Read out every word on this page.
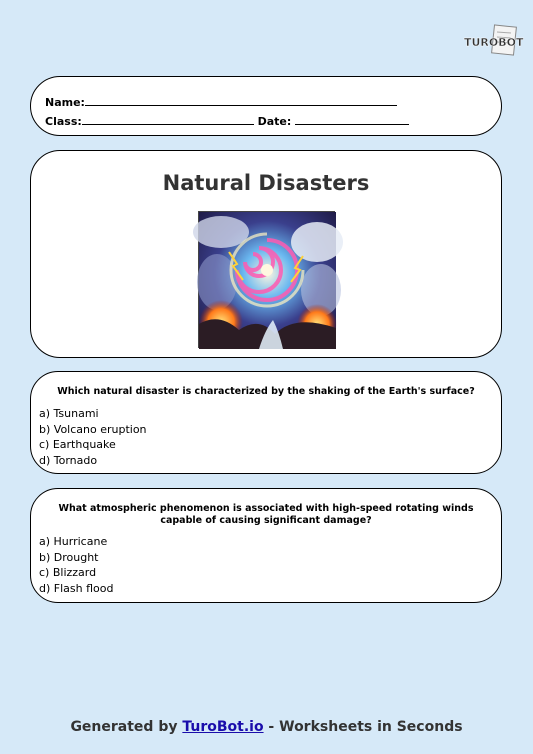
TUROBOT
Name:
Class:	Date:
Natural Disasters
Which natural disaster is characterized by the shaking of the Earth's surface?
a) Tsunami
b) Volcano eruption
c) Earthquake
d) Tornado
What atmospheric phenomenon is associated with high-speed rotating winds capable of causing significant damage?
a) Hurricane
b) Drought
c) Blizzard
d) Flash flood
Generated by TuroBot.io - Worksheets in Seconds
